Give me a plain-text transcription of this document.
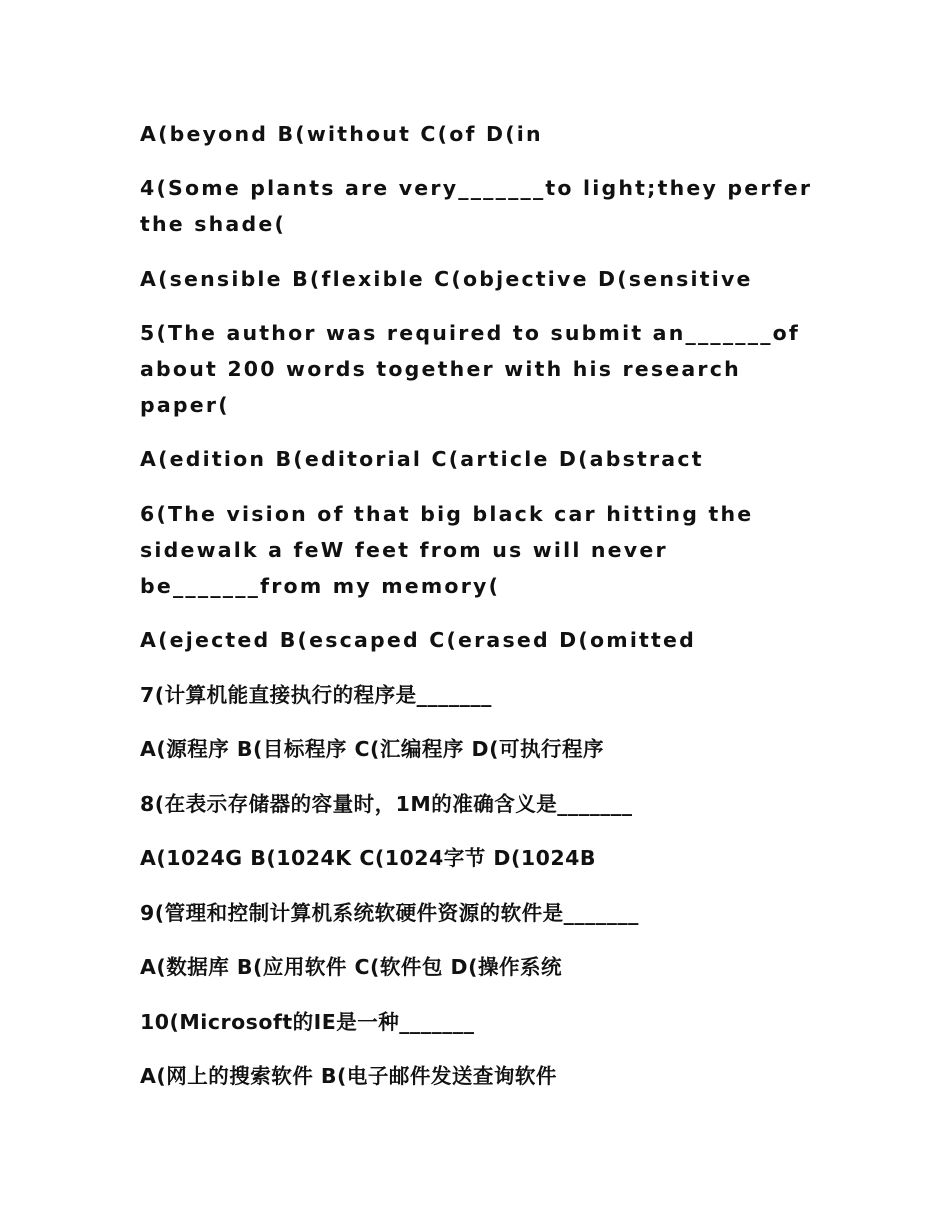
A(beyond B(without C(of D(in
4(Some plants are very_______to light;they perfer the shade(
A(sensible B(flexible C(objective D(sensitive
5(The author was required to submit an_______of about 200 words together with his research paper(
A(edition B(editorial C(article D(abstract
6(The vision of that big black car hitting the sidewalk a feW feet from us will never be_______from my memory(
A(ejected B(escaped C(erased D(omitted
7(计算机能直接执行的程序是_______
A(源程序 B(目标程序 C(汇编程序 D(可执行程序
8(在表示存储器的容量时，1M的准确含义是_______
A(1024G B(1024K C(1024字节 D(1024B
9(管理和控制计算机系统软硬件资源的软件是_______
A(数据库 B(应用软件 C(软件包 D(操作系统
10(Microsoft的IE是一种_______
A(网上的搜索软件 B(电子邮件发送查询软件
